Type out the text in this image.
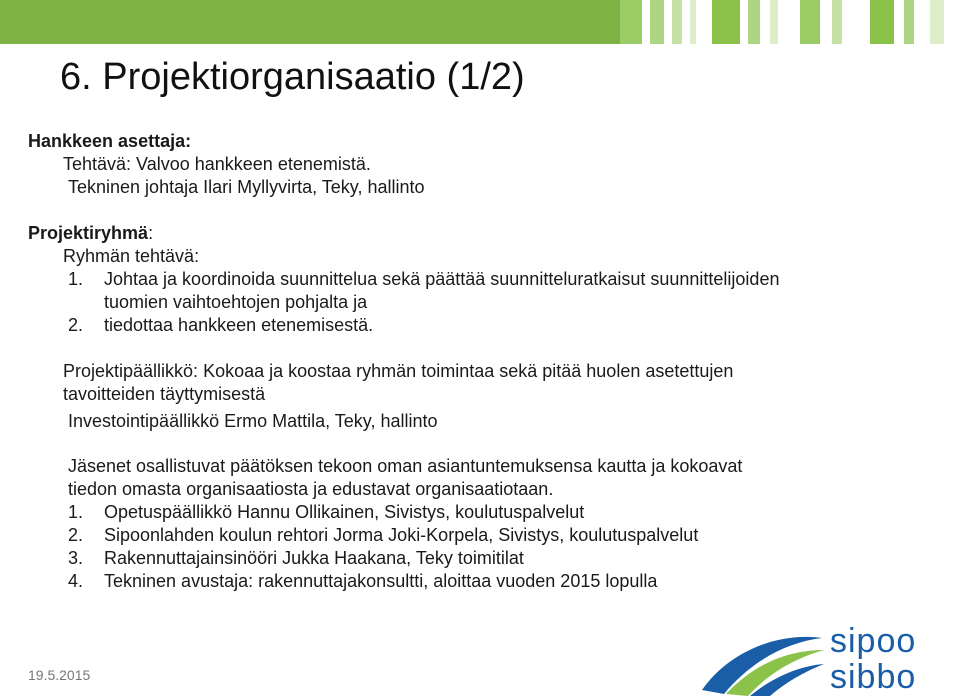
6. Projektiorganisaatio (1/2)

Hankkeen asettaja:

Tehtävä: Valvoo hankkeen etenemistä.

Tekninen johtaja Ilari Myllyvirta, Teky, hallinto

Projektiryhmä:

Ryhmän tehtävä:

1. Johtaa ja koordinoida suunnittelua sekä päättää suunnitteluratkaisut suunnittelijoiden

tuomien vaihtoehtojen pohjalta ja

2. tiedottaa hankkeen etenemisestä.

Projektipäällikkö: Kokoaa ja koostaa ryhmän toimintaa sekä pitää huolen asetettujen

tavoitteiden täyttymisestä

Investointipäällikkö Ermo Mattila, Teky, hallinto

Jäsenet osallistuvat päätöksen tekoon oman asiantuntemuksensa kautta ja kokoavat

tiedon omasta organisaatiosta ja edustavat organisaatiotaan.

1. Opetuspäällikkö Hannu Ollikainen, Sivistys, koulutuspalvelut

2. Sipoonlahden koulun rehtori Jorma Joki-Korpela, Sivistys, koulutuspalvelut

3. Rakennuttajainsinööri Jukka Haakana, Teky toimitilat

4. Tekninen avustaja: rakennuttajakonsultti, aloittaa vuoden 2015 lopulla

19.5.2015
sipoo
sibbo
